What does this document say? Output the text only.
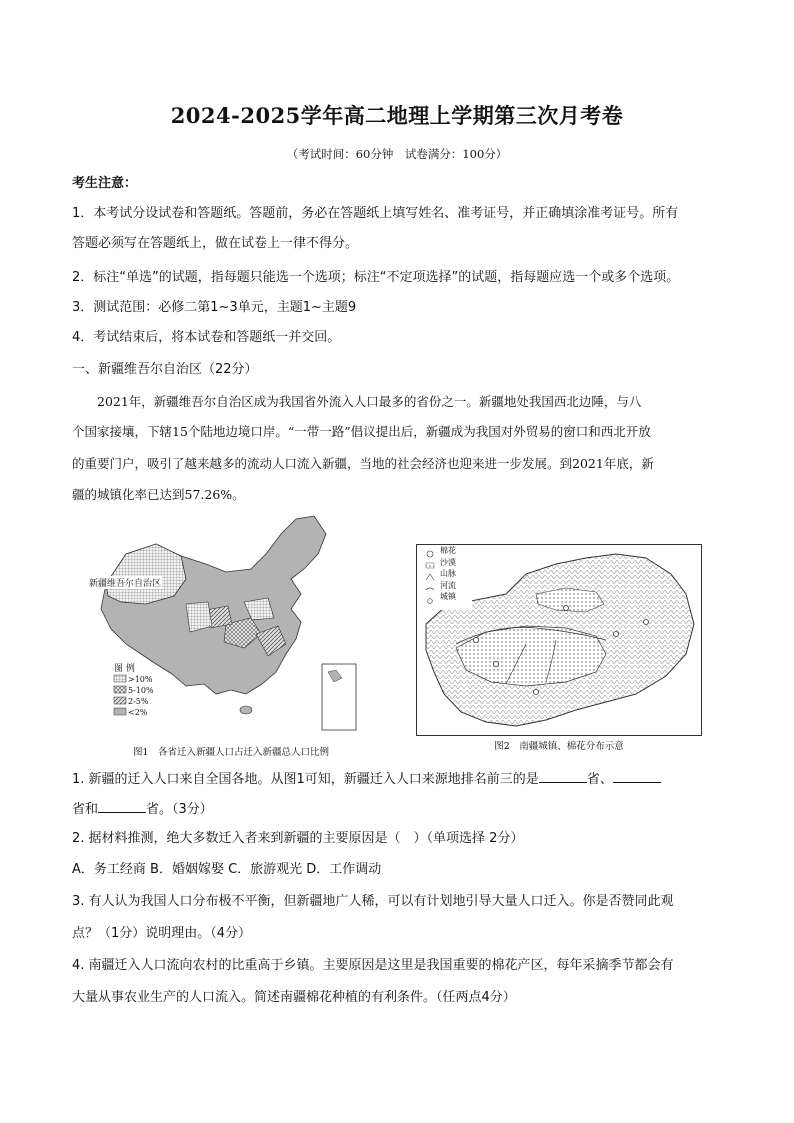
2024-2025学年高二地理上学期第三次月考卷
（考试时间：60分钟　试卷满分：100分）
考生注意：
1．本考试分设试卷和答题纸。答题前，务必在答题纸上填写姓名、准考证号，并正确填涂准考证号。所有
答题必须写在答题纸上，做在试卷上一律不得分。
2．标注“单选”的试题，指每题只能选一个选项；标注“不定项选择”的试题，指每题应选一个或多个选项。
3．测试范围：必修二第1~3单元，主题1~主题9
4．考试结束后，将本试卷和答题纸一并交回。
一、新疆维吾尔自治区（22分）
2021年，新疆维吾尔自治区成为我国省外流入人口最多的省份之一。新疆地处我国西北边陲，与八
个国家接壤，下辖15个陆地边境口岸。“一带一路”倡议提出后，新疆成为我国对外贸易的窗口和西北开放
的重要门户，吸引了越来越多的流动人口流入新疆，当地的社会经济也迎来进一步发展。到2021年底，新
疆的城镇化率已达到57.26%。
新疆维吾尔自治区
图 例
>10%
5-10%
2-5%
<2%
图1　各省迁入新疆人口占迁入新疆总人口比例
棉花
沙漠
山脉
河流
城镇
图2　南疆城镇、棉花分布示意
1. 新疆的迁入人口来自全国各地。从图1可知，新疆迁入人口来源地排名前三的是	省、
省和	省。（3分）
2. 据材料推测，绝大多数迁入者来到新疆的主要原因是（　）（单项选择 2分）
A．务工经商 B．婚姻嫁娶 C．旅游观光 D．工作调动
3. 有人认为我国人口分布极不平衡，但新疆地广人稀，可以有计划地引导大量人口迁入。你是否赞同此观
点？（1分）说明理由。（4分）
4. 南疆迁入人口流向农村的比重高于乡镇。主要原因是这里是我国重要的棉花产区，每年采摘季节都会有
大量从事农业生产的人口流入。简述南疆棉花种植的有利条件。（任两点4分）
